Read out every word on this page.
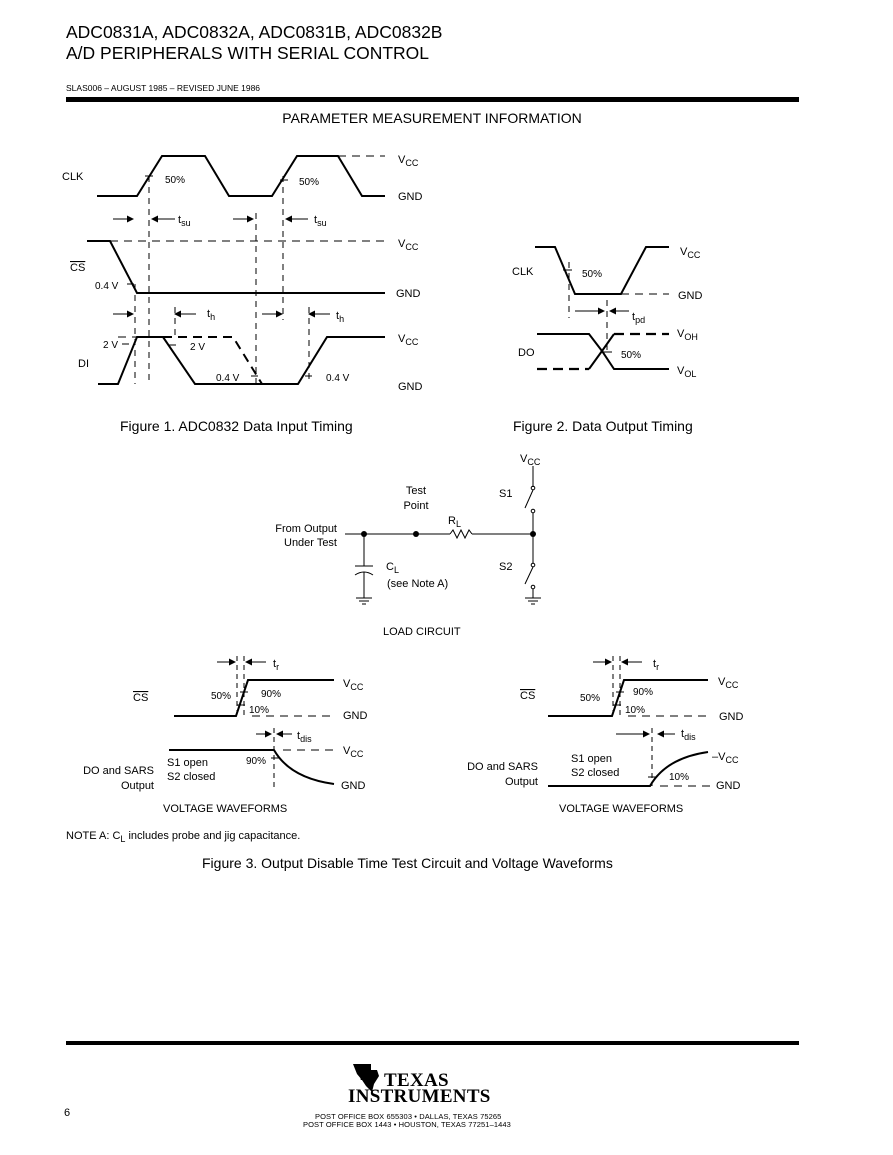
ADC0831A, ADC0832A, ADC0831B, ADC0832B
A/D PERIPHERALS WITH SERIAL CONTROL
SLAS006 – AUGUST 1985 – REVISED JUNE 1986
PARAMETER MEASUREMENT INFORMATION
CLK	50%	50%
$V_{CC}$
GND
$t_{su}$	$t_{su}$
CS
0.4 V
$V_{CC}$
GND
$t_h$	$t_h$
DI
2 V	2 V
0.4 V	0.4 V
$V_{CC}$
GND
Figure 1. ADC0832 Data Input Timing
CLK	50%
$V_{CC}$
GND
$t_{pd}$
DO	50%
$V_{OH}$
$V_{OL}$
Figure 2. Data Output Timing
$V_{CC}$
S1
S2
$R_L$
Test
Point
From Output
Under Test
$C_L$
(see Note A)
LOAD CIRCUIT
$t_r$
CS	50%	90%
10%
$V_{CC}$
GND
$t_{dis}$
90%
S1 open
S2 closed
DO and SARS
Output
$V_{CC}$
GND
VOLTAGE WAVEFORMS
$t_r$
CS	50%
90%
10%
$V_{CC}$
GND
$t_{dis}$
10%
S1 open
S2 closed
DO and SARS
Output
$-V_{CC}$
GND
VOLTAGE WAVEFORMS
NOTE A: $C_L$ includes probe and jig capacitance.
Figure 3. Output Disable Time Test Circuit and Voltage Waveforms
ti TEXAS
INSTRUMENTS
6	POST OFFICE BOX 655303 • DALLAS, TEXAS 75265
POST OFFICE BOX 1443 • HOUSTON, TEXAS 77251–1443
